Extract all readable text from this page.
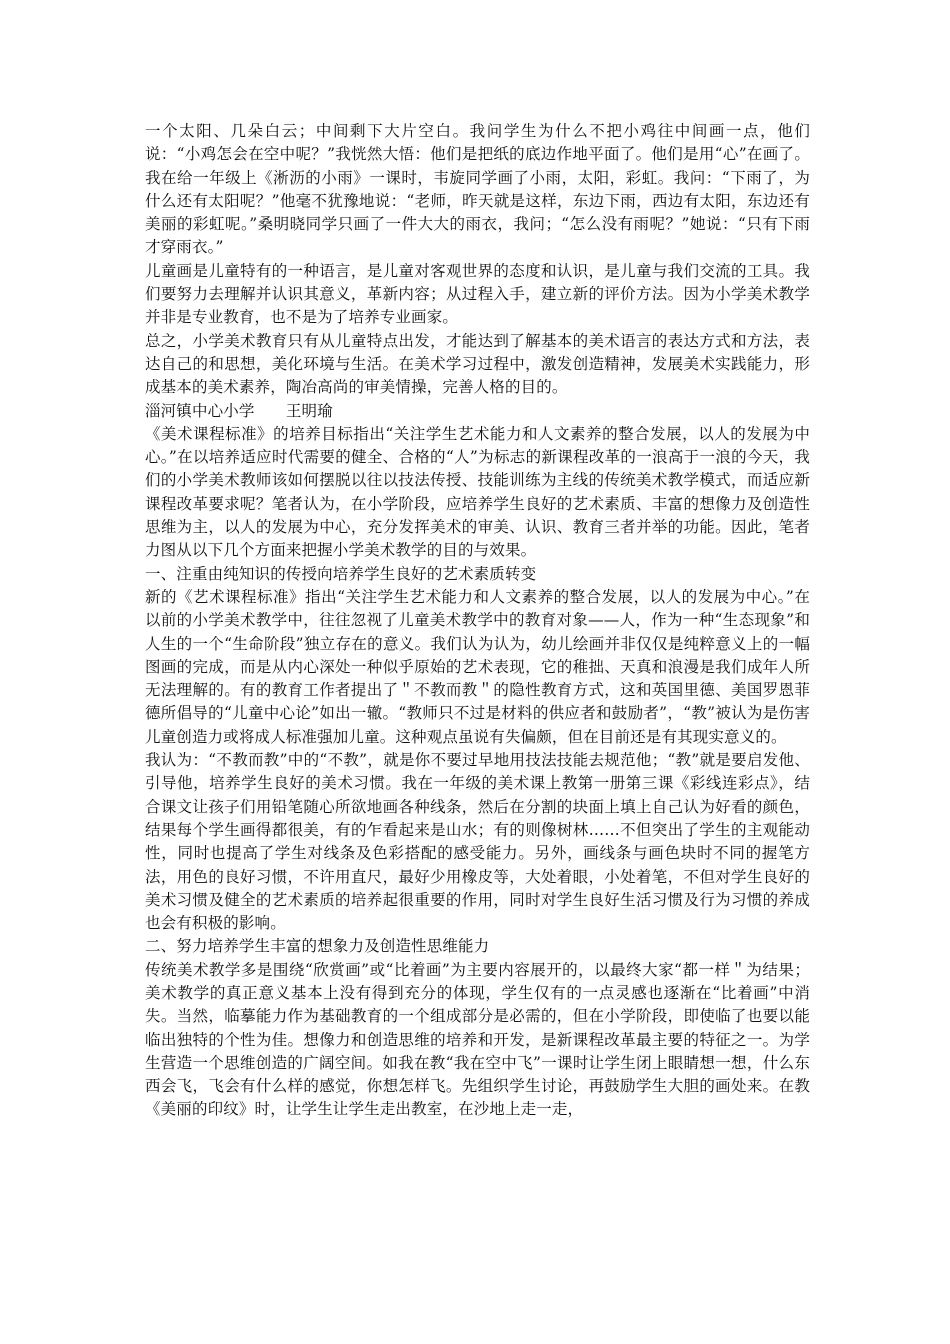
一个太阳、几朵白云；中间剩下大片空白。我问学生为什么不把小鸡往中间画一点，他们说：“小鸡怎会在空中呢？”我恍然大悟：他们是把纸的底边作地平面了。他们是用“心”在画了。我在给一年级上《淅沥的小雨》一课时，韦旋同学画了小雨，太阳，彩虹。我问：“下雨了，为什么还有太阳呢？”他毫不犹豫地说：“老师，昨天就是这样，东边下雨，西边有太阳，东边还有美丽的彩虹呢。”桑明晓同学只画了一件大大的雨衣，我问；“怎么没有雨呢？”她说：“只有下雨才穿雨衣。”

儿童画是儿童特有的一种语言，是儿童对客观世界的态度和认识，是儿童与我们交流的工具。我们要努力去理解并认识其意义，革新内容；从过程入手，建立新的评价方法。因为小学美术教学并非是专业教育，也不是为了培养专业画家。

总之，小学美术教育只有从儿童特点出发，才能达到了解基本的美术语言的表达方式和方法，表达自己的和思想，美化环境与生活。在美术学习过程中，激发创造精神，发展美术实践能力，形成基本的美术素养，陶冶高尚的审美情操，完善人格的目的。

淄河镇中心小学　　王明瑜

《美术课程标准》的培养目标指出“关注学生艺术能力和人文素养的整合发展，以人的发展为中心。”在以培养适应时代需要的健全、合格的“人”为标志的新课程改革的一浪高于一浪的今天，我们的小学美术教师该如何摆脱以往以技法传授、技能训练为主线的传统美术教学模式，而适应新课程改革要求呢？笔者认为，在小学阶段，应培养学生良好的艺术素质、丰富的想像力及创造性思维为主，以人的发展为中心，充分发挥美术的审美、认识、教育三者并举的功能。因此，笔者力图从以下几个方面来把握小学美术教学的目的与效果。

一、注重由纯知识的传授向培养学生良好的艺术素质转变

新的《艺术课程标准》指出“关注学生艺术能力和人文素养的整合发展，以人的发展为中心。”在以前的小学美术教学中，往往忽视了儿童美术教学中的教育对象——人，作为一种“生态现象”和人生的一个“生命阶段”独立存在的意义。我们认为认为，幼儿绘画并非仅仅是纯粹意义上的一幅图画的完成，而是从内心深处一种似乎原始的艺术表现，它的稚拙、天真和浪漫是我们成年人所无法理解的。有的教育工作者提出了＂不教而教＂的隐性教育方式，这和英国里德、美国罗恩菲德所倡导的“儿童中心论”如出一辙。“教师只不过是材料的供应者和鼓励者”，“教”被认为是伤害儿童创造力或将成人标准强加儿童。这种观点虽说有失偏颇，但在目前还是有其现实意义的。

我认为：“不教而教”中的“不教”，就是你不要过早地用技法技能去规范他；“教”就是要启发他、引导他，培养学生良好的美术习惯。我在一年级的美术课上教第一册第三课《彩线连彩点》，结合课文让孩子们用铅笔随心所欲地画各种线条，然后在分割的块面上填上自己认为好看的颜色，结果每个学生画得都很美，有的乍看起来是山水；有的则像树林……不但突出了学生的主观能动性，同时也提高了学生对线条及色彩搭配的感受能力。另外，画线条与画色块时不同的握笔方法，用色的良好习惯，不许用直尺，最好少用橡皮等，大处着眼，小处着笔，不但对学生良好的美术习惯及健全的艺术素质的培养起很重要的作用，同时对学生良好生活习惯及行为习惯的养成也会有积极的影响。

二、努力培养学生丰富的想象力及创造性思维能力

传统美术教学多是围绕“欣赏画”或“比着画”为主要内容展开的，以最终大家“都一样＂为结果；美术教学的真正意义基本上没有得到充分的体现，学生仅有的一点灵感也逐渐在“比着画”中消失。当然，临摹能力作为基础教育的一个组成部分是必需的，但在小学阶段，即使临了也要以能临出独特的个性为佳。想像力和创造思维的培养和开发，是新课程改革最主要的特征之一。为学生营造一个思维创造的广阔空间。如我在教“我在空中飞”一课时让学生闭上眼睛想一想，什么东西会飞，飞会有什么样的感觉，你想怎样飞。先组织学生讨论，再鼓励学生大胆的画处来。在教《美丽的印纹》时，让学生让学生走出教室，在沙地上走一走，
